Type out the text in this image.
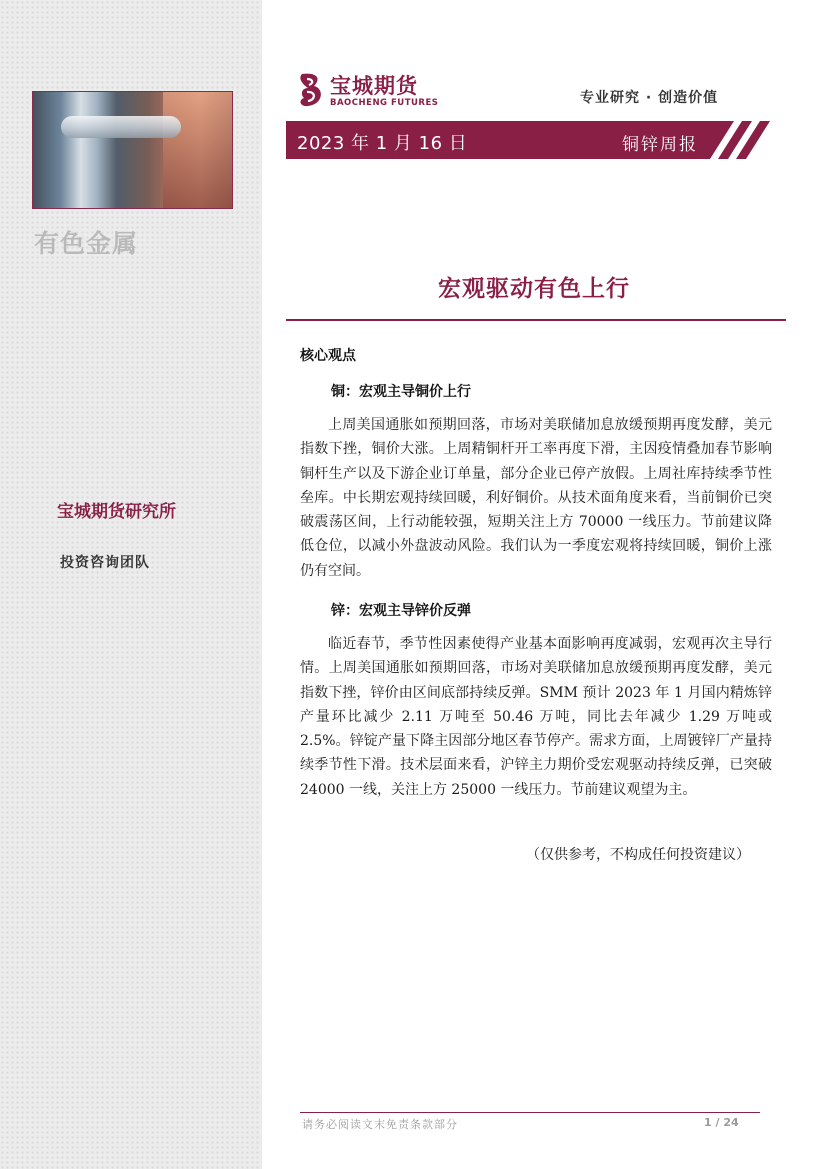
有色金属
宝城期货研究所
投资咨询团队
宝城期货
BAOCHENG FUTURES	专业研究 · 创造价值
2023 年 1 月 16 日	铜锌周报
宏观驱动有色上行
核心观点
铜：宏观主导铜价上行

上周美国通胀如预期回落，市场对美联储加息放缓预期再度发酵，美元指数下挫，铜价大涨。上周精铜杆开工率再度下滑，主因疫情叠加春节影响铜杆生产以及下游企业订单量，部分企业已停产放假。上周社库持续季节性垒库。中长期宏观持续回暖，利好铜价。从技术面角度来看，当前铜价已突破震荡区间，上行动能较强，短期关注上方 70000 一线压力。节前建议降低仓位，以减小外盘波动风险。我们认为一季度宏观将持续回暖，铜价上涨仍有空间。

锌：宏观主导锌价反弹

临近春节，季节性因素使得产业基本面影响再度减弱，宏观再次主导行情。上周美国通胀如预期回落，市场对美联储加息放缓预期再度发酵，美元指数下挫，锌价由区间底部持续反弹。SMM 预计 2023 年 1 月国内精炼锌产量环比减少 2.11 万吨至 50.46 万吨，同比去年减少 1.29 万吨或 2.5%。锌锭产量下降主因部分地区春节停产。需求方面，上周镀锌厂产量持续季节性下滑。技术层面来看，沪锌主力期价受宏观驱动持续反弹，已突破 24000 一线，关注上方 25000 一线压力。节前建议观望为主。

（仅供参考，不构成任何投资建议）
请务必阅读文末免责条款部分	1 / 24
